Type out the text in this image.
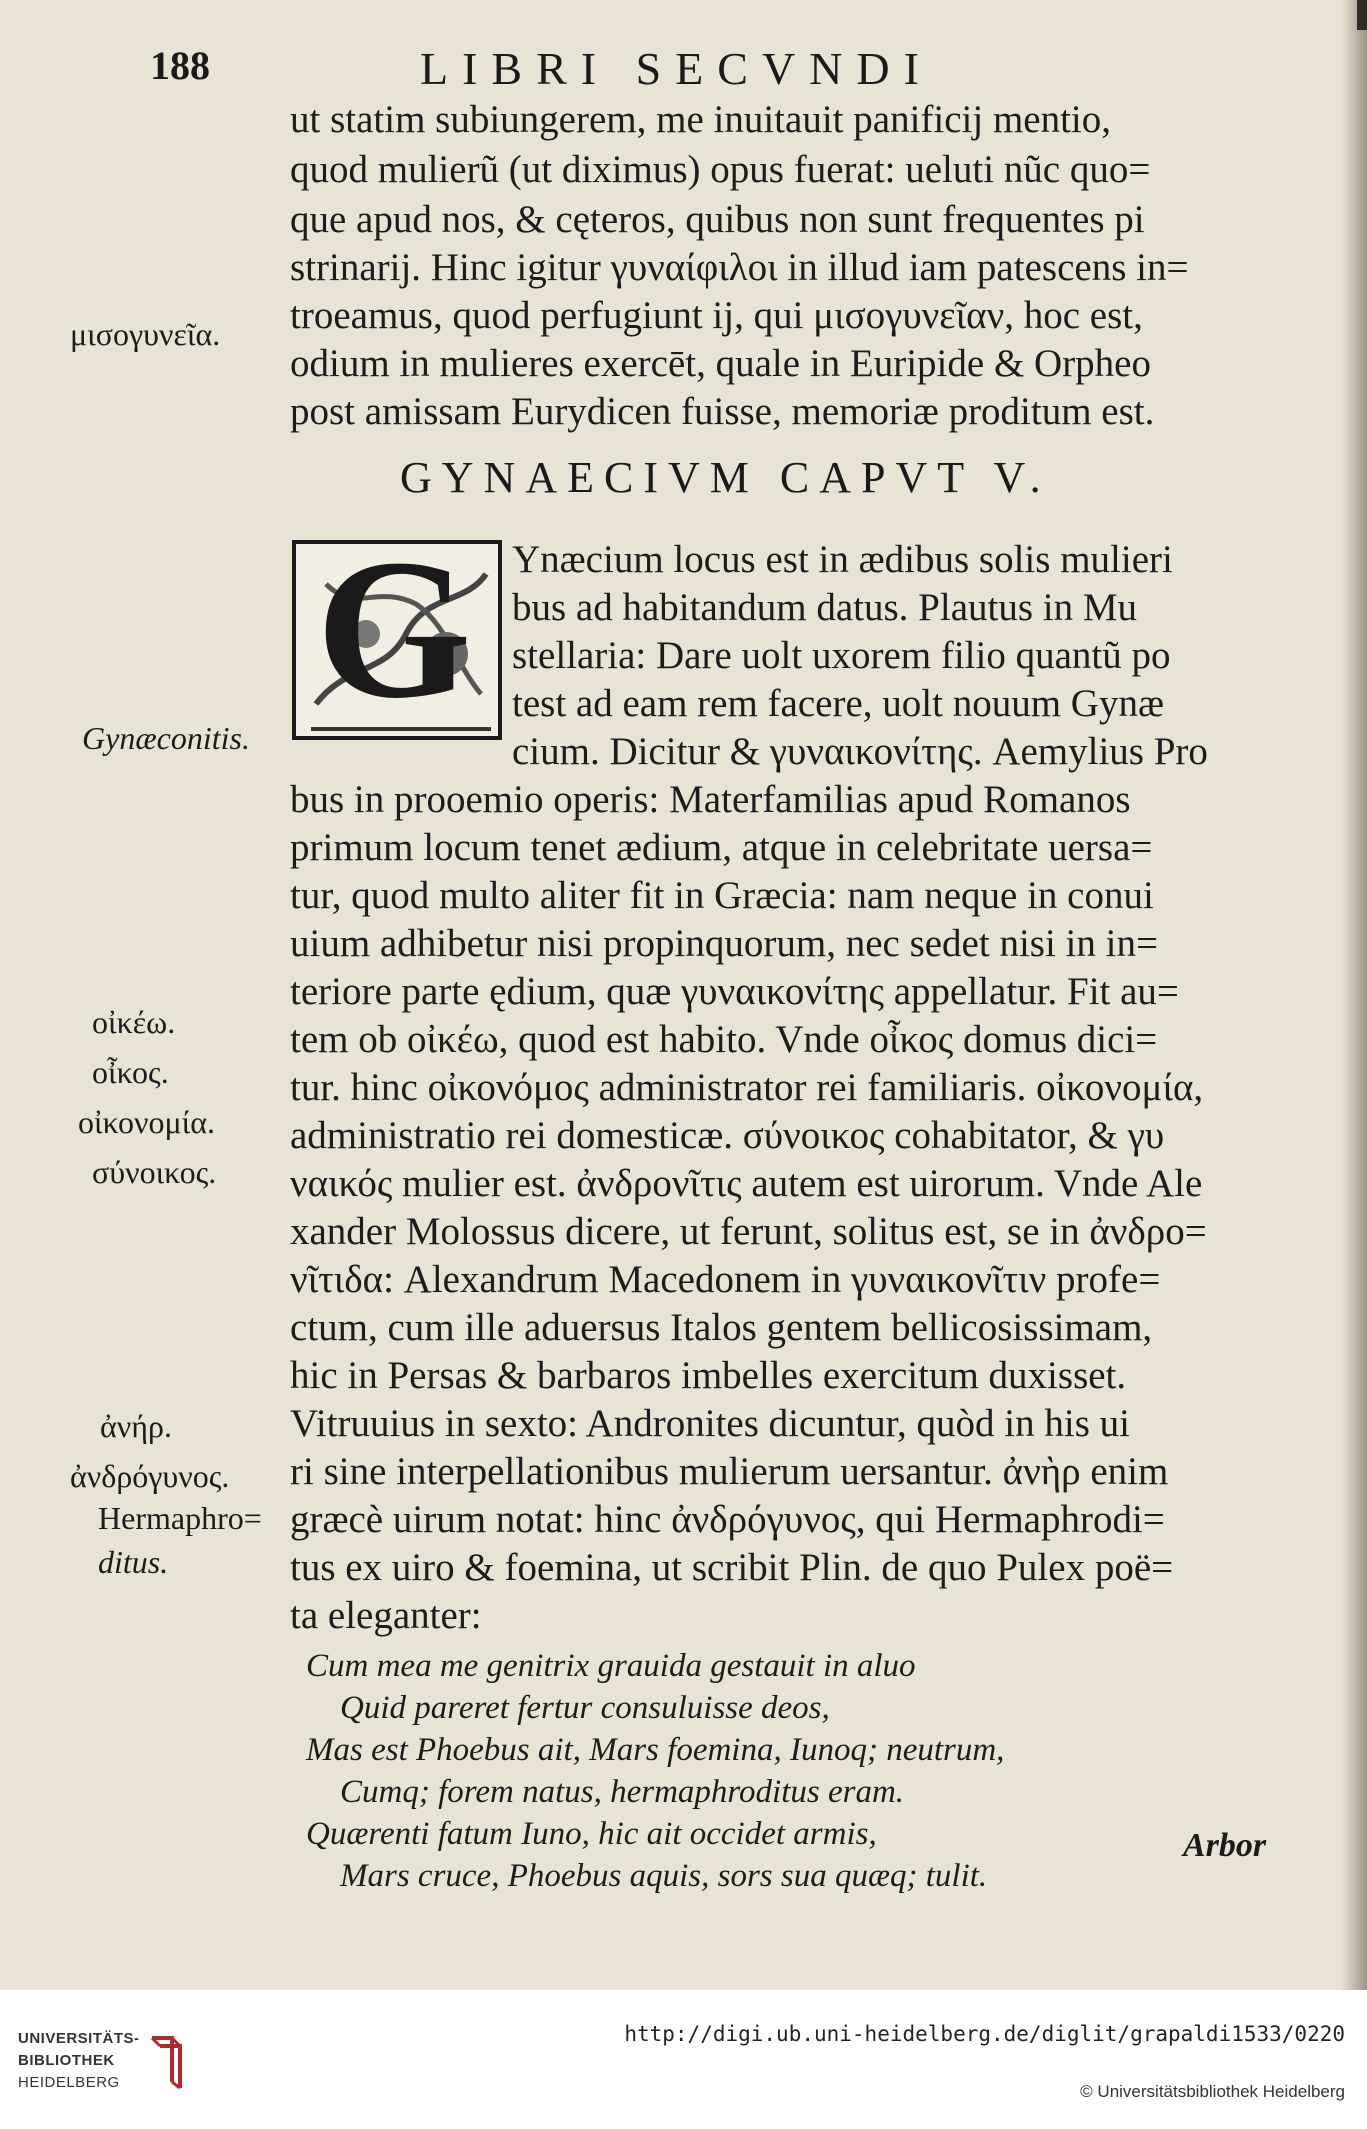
188	LIBRI SECVNDI
ut statim subiungerem, me inuitauit panificij mentio,
quod mulierũ (ut diximus) opus fuerat: ueluti nũc quo=
que apud nos, & cęteros, quibus non sunt frequentes pi
strinarij. Hinc igitur γυναίφιλοι in illud iam patescens in=
troeamus, quod perfugiunt ij, qui μισογυνεῖαν, hoc est,
odium in mulieres exercēt, quale in Euripide & Orpheo
post amissam Eurydicen fuisse, memoriæ proditum est.
GYNAECIVM CAPVT V.
G Ynæcium locus est in ædibus solis mulieri
bus ad habitandum datus. Plautus in Mu
stellaria: Dare uolt uxorem filio quantũ po
test ad eam rem facere, uolt nouum Gynæ
cium. Dicitur & γυναικονίτης. Aemylius Pro
bus in prooemio operis: Materfamilias apud Romanos
primum locum tenet ædium, atque in celebritate uersa=
tur, quod multo aliter fit in Græcia: nam neque in conui
uium adhibetur nisi propinquorum, nec sedet nisi in in=
teriore parte ędium, quæ γυναικονίτης appellatur. Fit au=
tem ob οἰκέω, quod est habito. Vnde οἶκος domus dici=
tur. hinc οἰκονόμος administrator rei familiaris. οἰκονομία,
administratio rei domesticæ. σύνοικος cohabitator, & γυ
ναικός mulier est. ἀνδρονῖτις autem est uirorum. Vnde Ale
xander Molossus dicere, ut ferunt, solitus est, se in ἀνδρο=
νῖτιδα: Alexandrum Macedonem in γυναικονῖτιν profe=
ctum, cum ille aduersus Italos gentem bellicosissimam,
hic in Persas & barbaros imbelles exercitum duxisset.
Vitruuius in sexto: Andronites dicuntur, quòd in his ui
ri sine interpellationibus mulierum uersantur. ἀνὴρ enim
græcè uirum notat: hinc ἀνδρόγυνος, qui Hermaphrodi=
tus ex uiro & foemina, ut scribit Plin. de quo Pulex poë=
ta eleganter:
Cum mea me genitrix grauida gestauit in aluo
Quid pareret fertur consuluisse deos,
Mas est Phoebus ait, Mars foemina, Iunoq; neutrum,
Cumq; forem natus, hermaphroditus eram.
Quærenti fatum Iuno, hic ait occidet armis,
Mars cruce, Phoebus aquis, sors sua quæq; tulit.
μισογυνεῖα.
Gynæconitis.
οἰκέω.
οἶκος.
οἰκονομία.
σύνοικος.
ἀνήρ.
ἀνδρόγυνος.
Hermaphro=
ditus.
Arbor
UNIVERSITÄTS-
BIBLIOTHEK
HEIDELBERG
http://digi.ub.uni-heidelberg.de/diglit/grapaldi1533/0220
© Universitätsbibliothek Heidelberg
